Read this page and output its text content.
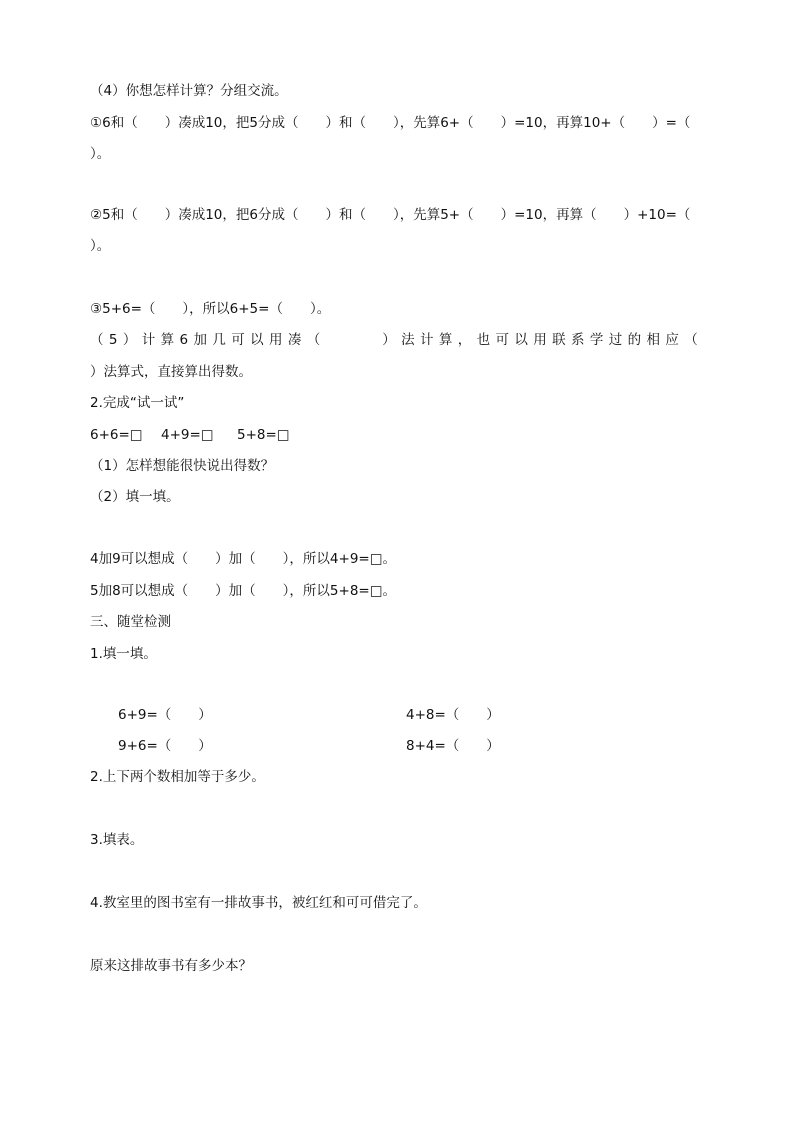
（4）你想怎样计算？分组交流。
①6和（　　）凑成10，把5分成（　　）和（　　），先算6+（　　）=10，再算10+（　　）=（
）。
②5和（　　）凑成10，把6分成（　　）和（　　），先算5+（　　）=10，再算（　　）+10=（
）。
③5+6=（　　），所以6+5=（　　）。
（5）计算6加几可以用凑（　　　）法计算，也可以用联系学过的相应（
）法算式，直接算出得数。
2.完成“试一试”
6+6=□ 4+9=□ 5+8=□
（1）怎样想能很快说出得数？
（2）填一填。
4加9可以想成（　　）加（　　），所以4+9=□。
5加8可以想成（　　）加（　　），所以5+8=□。
三、随堂检测
1.填一填。
6+9=（　　）	4+8=（　　）
9+6=（　　）	8+4=（　　）
2.上下两个数相加等于多少。
3.填表。
4.教室里的图书室有一排故事书，被红红和可可借完了。
原来这排故事书有多少本？
